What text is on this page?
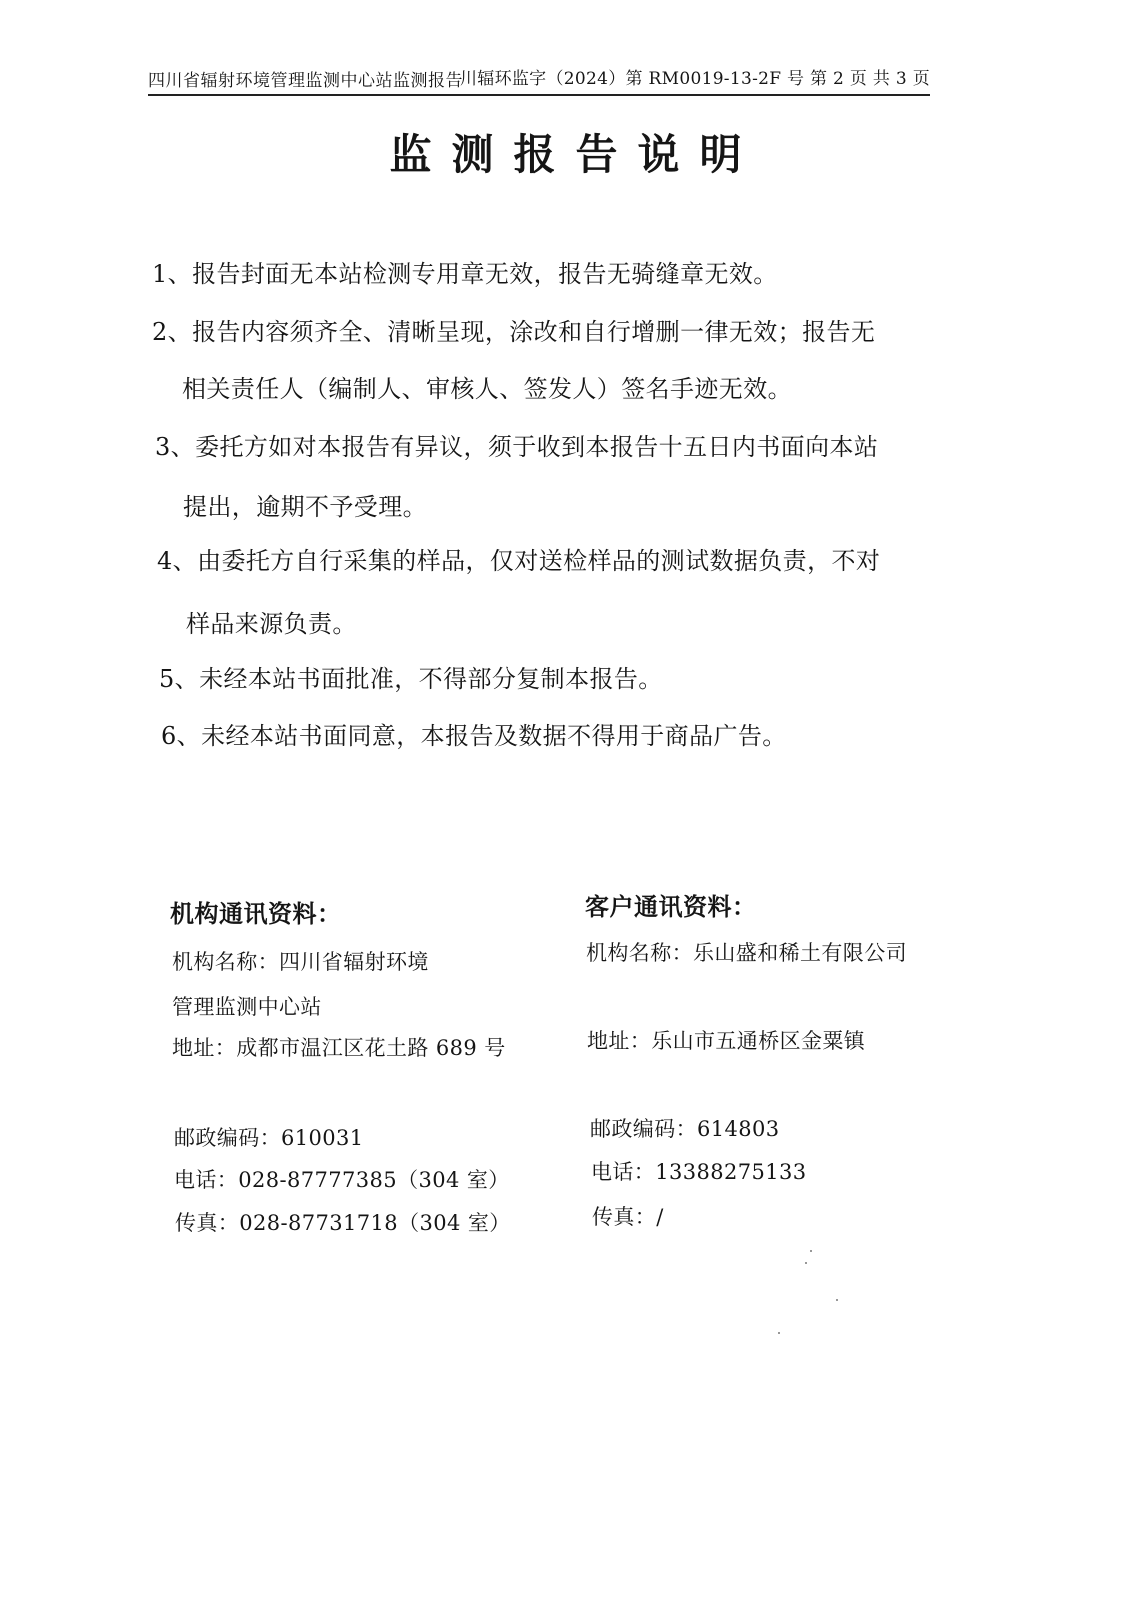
四川省辐射环境管理监测中心站监测报告
川辐环监字（2024）第 RM0019-13-2F 号 第 2 页 共 3 页
监测报告说明
1、报告封面无本站检测专用章无效，报告无骑缝章无效。
2、报告内容须齐全、清晰呈现，涂改和自行增删一律无效；报告无
相关责任人（编制人、审核人、签发人）签名手迹无效。
3、委托方如对本报告有异议，须于收到本报告十五日内书面向本站
提出，逾期不予受理。
4、由委托方自行采集的样品，仅对送检样品的测试数据负责，不对
样品来源负责。
5、未经本站书面批准，不得部分复制本报告。
6、未经本站书面同意，本报告及数据不得用于商品广告。
机构通讯资料：
机构名称：四川省辐射环境
管理监测中心站
地址：成都市温江区花土路 689 号
邮政编码：610031
电话：028-87777385（304 室）
传真：028-87731718（304 室）
客户通讯资料：
机构名称：乐山盛和稀土有限公司
地址：乐山市五通桥区金粟镇
邮政编码：614803
电话：13388275133
传真：/
